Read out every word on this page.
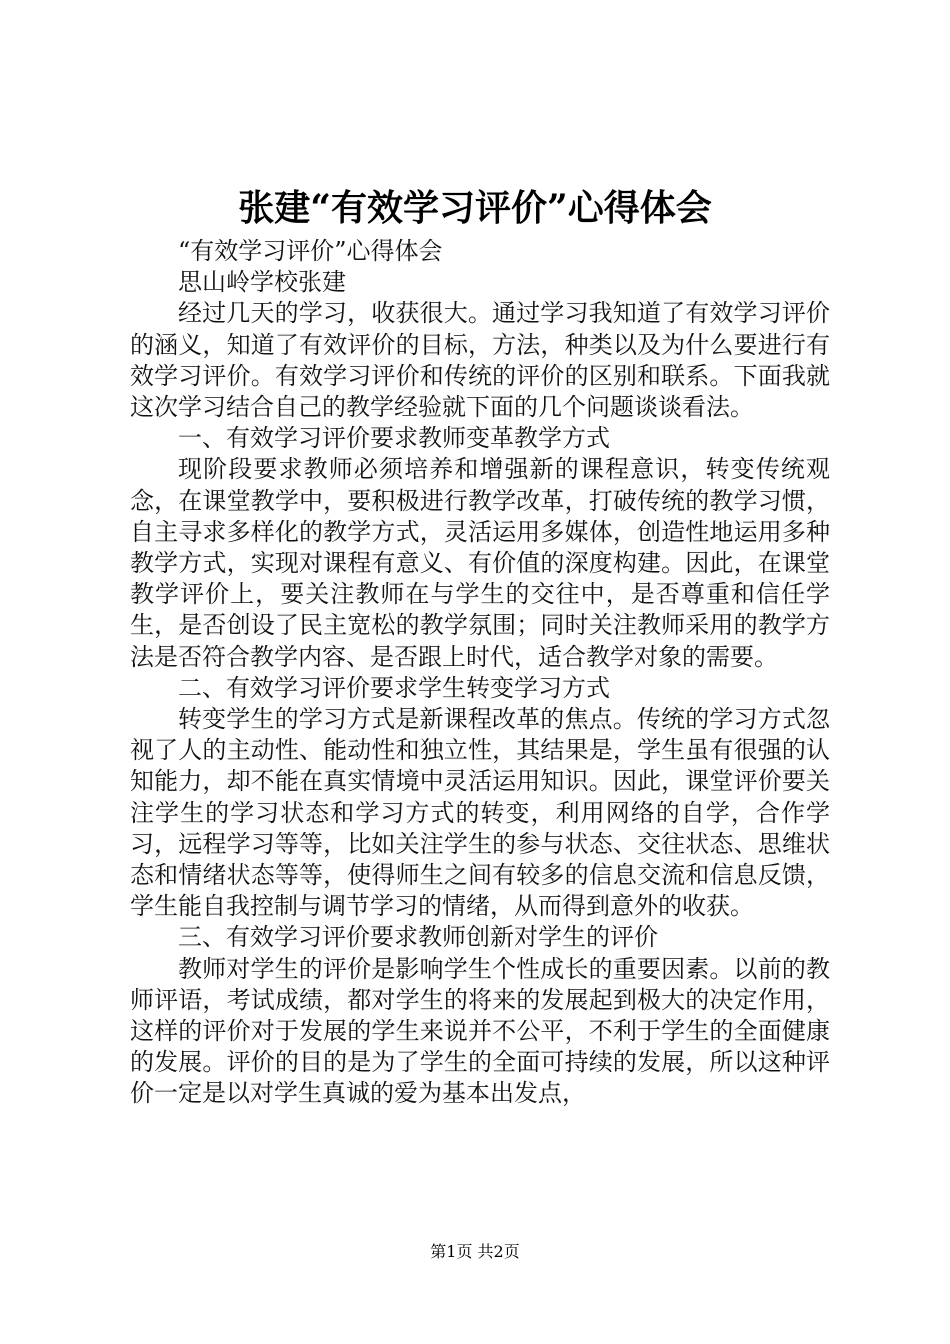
张建“有效学习评价”心得体会

“有效学习评价”心得体会

思山岭学校张建

经过几天的学习，收获很大。通过学习我知道了有效学习评价的涵义，知道了有效评价的目标，方法，种类以及为什么要进行有效学习评价。有效学习评价和传统的评价的区别和联系。下面我就这次学习结合自己的教学经验就下面的几个问题谈谈看法。

一、有效学习评价要求教师变革教学方式

现阶段要求教师必须培养和增强新的课程意识，转变传统观念，在课堂教学中，要积极进行教学改革，打破传统的教学习惯，自主寻求多样化的教学方式，灵活运用多媒体，创造性地运用多种教学方式，实现对课程有意义、有价值的深度构建。因此，在课堂教学评价上，要关注教师在与学生的交往中，是否尊重和信任学生，是否创设了民主宽松的教学氛围；同时关注教师采用的教学方法是否符合教学内容、是否跟上时代，适合教学对象的需要。

二、有效学习评价要求学生转变学习方式

转变学生的学习方式是新课程改革的焦点。传统的学习方式忽视了人的主动性、能动性和独立性，其结果是，学生虽有很强的认知能力，却不能在真实情境中灵活运用知识。因此，课堂评价要关注学生的学习状态和学习方式的转变，利用网络的自学，合作学习，远程学习等等，比如关注学生的参与状态、交往状态、思维状态和情绪状态等等，使得师生之间有较多的信息交流和信息反馈，学生能自我控制与调节学习的情绪，从而得到意外的收获。

三、有效学习评价要求教师创新对学生的评价

教师对学生的评价是影响学生个性成长的重要因素。以前的教师评语，考试成绩，都对学生的将来的发展起到极大的决定作用，这样的评价对于发展的学生来说并不公平，不利于学生的全面健康的发展。评价的目的是为了学生的全面可持续的发展，所以这种评价一定是以对学生真诚的爱为基本出发点，

第1页 共2页
